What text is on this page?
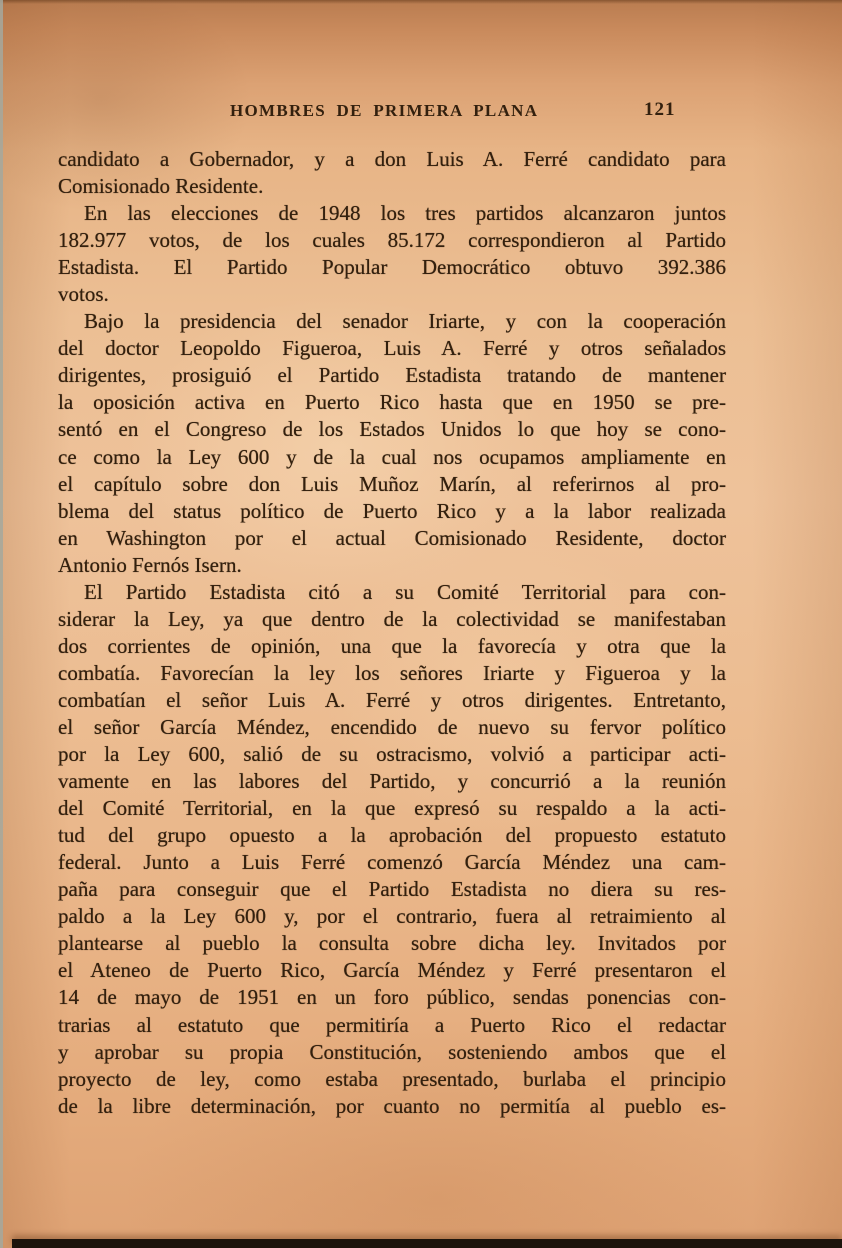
HOMBRES DE PRIMERA PLANA	121
candidato a Gobernador, y a don Luis A. Ferré candidato para
Comisionado Residente.
En las elecciones de 1948 los tres partidos alcanzaron juntos
182.977 votos, de los cuales 85.172 correspondieron al Partido
Estadista. El Partido Popular Democrático obtuvo 392.386
votos.
Bajo la presidencia del senador Iriarte, y con la cooperación
del doctor Leopoldo Figueroa, Luis A. Ferré y otros señalados
dirigentes, prosiguió el Partido Estadista tratando de mantener
la oposición activa en Puerto Rico hasta que en 1950 se pre-
sentó en el Congreso de los Estados Unidos lo que hoy se cono-
ce como la Ley 600 y de la cual nos ocupamos ampliamente en
el capítulo sobre don Luis Muñoz Marín, al referirnos al pro-
blema del status político de Puerto Rico y a la labor realizada
en Washington por el actual Comisionado Residente, doctor
Antonio Fernós Isern.
El Partido Estadista citó a su Comité Territorial para con-
siderar la Ley, ya que dentro de la colectividad se manifestaban
dos corrientes de opinión, una que la favorecía y otra que la
combatía. Favorecían la ley los señores Iriarte y Figueroa y la
combatían el señor Luis A. Ferré y otros dirigentes. Entretanto,
el señor García Méndez, encendido de nuevo su fervor político
por la Ley 600, salió de su ostracismo, volvió a participar acti-
vamente en las labores del Partido, y concurrió a la reunión
del Comité Territorial, en la que expresó su respaldo a la acti-
tud del grupo opuesto a la aprobación del propuesto estatuto
federal. Junto a Luis Ferré comenzó García Méndez una cam-
paña para conseguir que el Partido Estadista no diera su res-
paldo a la Ley 600 y, por el contrario, fuera al retraimiento al
plantearse al pueblo la consulta sobre dicha ley. Invitados por
el Ateneo de Puerto Rico, García Méndez y Ferré presentaron el
14 de mayo de 1951 en un foro público, sendas ponencias con-
trarias al estatuto que permitiría a Puerto Rico el redactar
y aprobar su propia Constitución, sosteniendo ambos que el
proyecto de ley, como estaba presentado, burlaba el principio
de la libre determinación, por cuanto no permitía al pueblo es-
